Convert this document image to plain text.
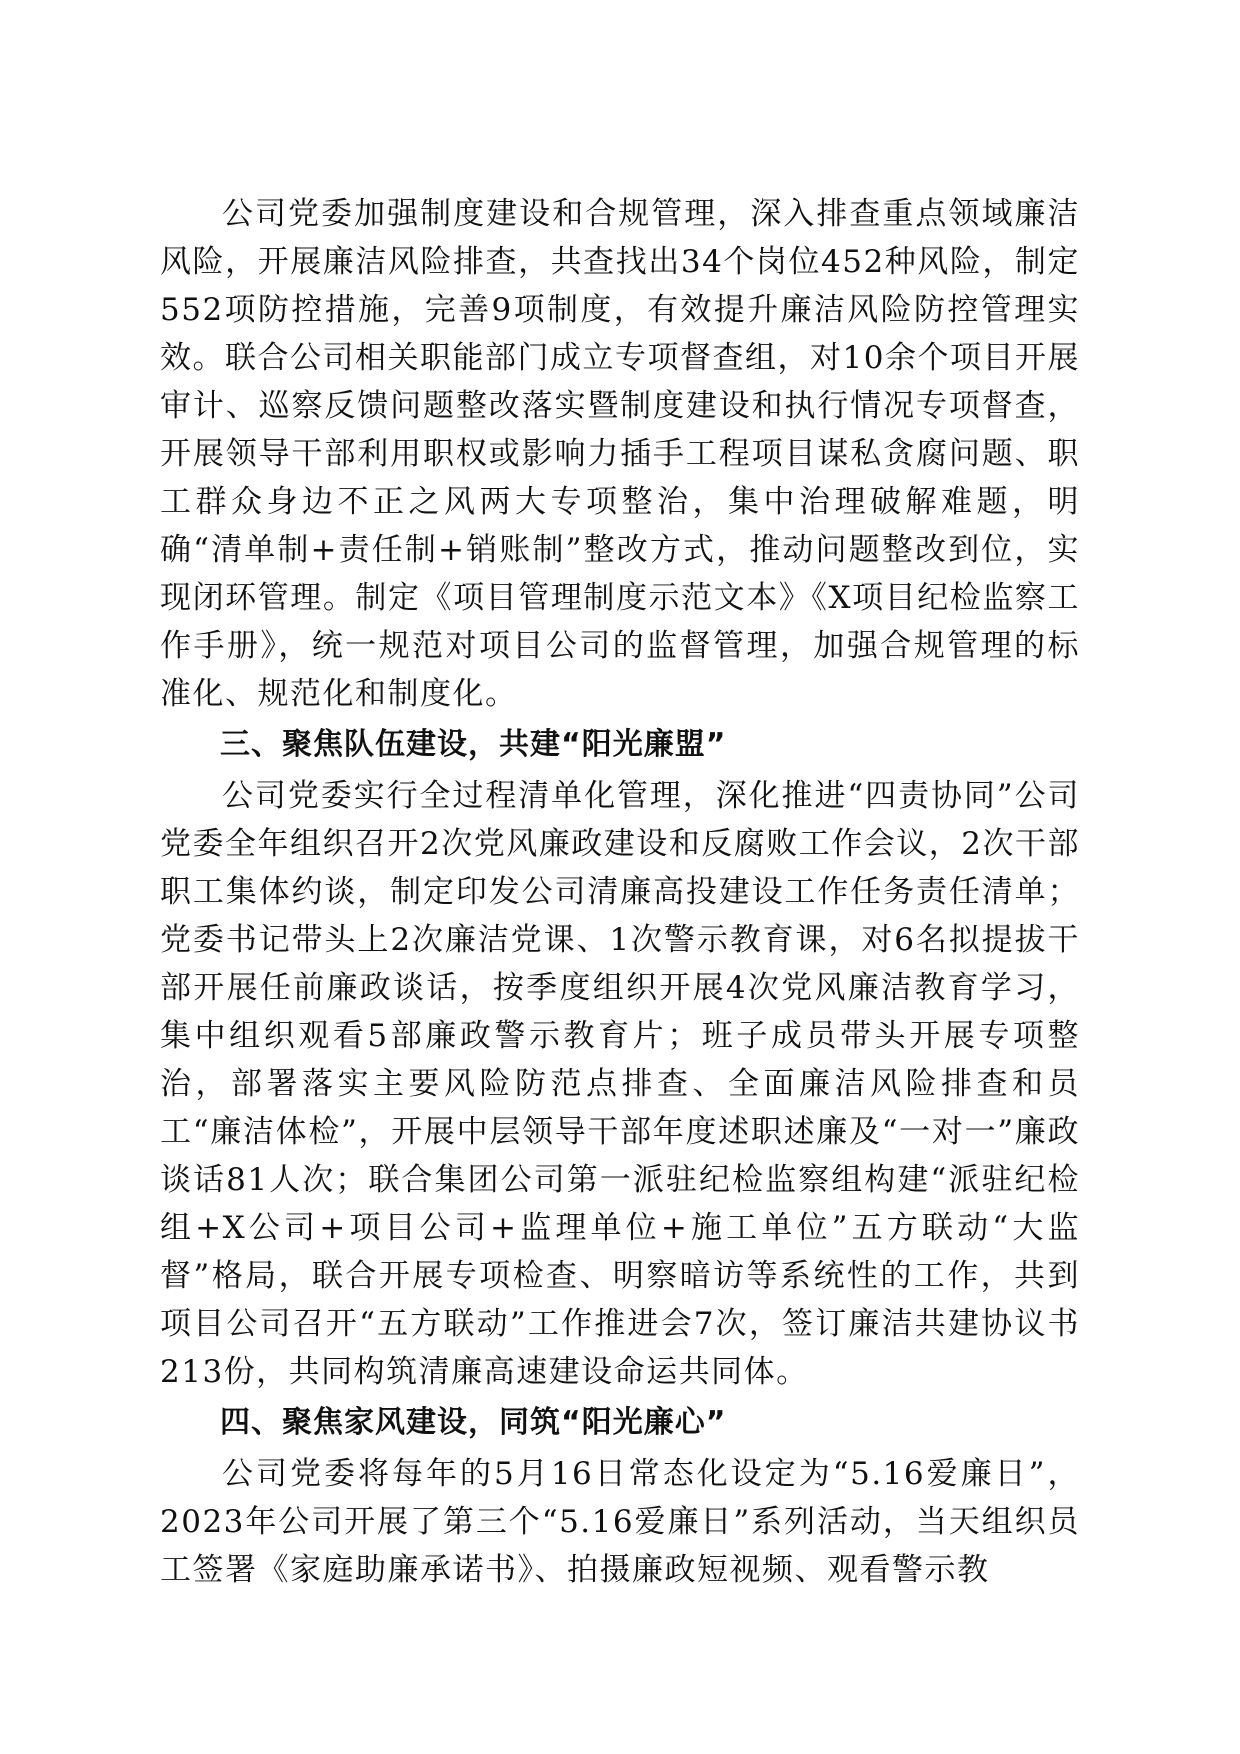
公司党委加强制度建设和合规管理，深入排查重点领域廉洁风险，开展廉洁风险排查，共查找出34个岗位452种风险，制定552项防控措施，完善9项制度，有效提升廉洁风险防控管理实效。联合公司相关职能部门成立专项督查组，对10余个项目开展审计、巡察反馈问题整改落实暨制度建设和执行情况专项督查，开展领导干部利用职权或影响力插手工程项目谋私贪腐问题、职工群众身边不正之风两大专项整治，集中治理破解难题，明确“清单制+责任制+销账制”整改方式，推动问题整改到位，实现闭环管理。制定《项目管理制度示范文本》《X项目纪检监察工作手册》，统一规范对项目公司的监督管理，加强合规管理的标准化、规范化和制度化。

三、聚焦队伍建设，共建“阳光廉盟”

公司党委实行全过程清单化管理，深化推进“四责协同”公司党委全年组织召开2次党风廉政建设和反腐败工作会议，2次干部职工集体约谈，制定印发公司清廉高投建设工作任务责任清单；党委书记带头上2次廉洁党课、1次警示教育课，对6名拟提拔干部开展任前廉政谈话，按季度组织开展4次党风廉洁教育学习，集中组织观看5部廉政警示教育片；班子成员带头开展专项整治，部署落实主要风险防范点排查、全面廉洁风险排查和员工“廉洁体检”，开展中层领导干部年度述职述廉及“一对一”廉政谈话81人次；联合集团公司第一派驻纪检监察组构建“派驻纪检组+X公司+项目公司+监理单位+施工单位”五方联动“大监督”格局，联合开展专项检查、明察暗访等系统性的工作，共到项目公司召开“五方联动”工作推进会7次，签订廉洁共建协议书213份，共同构筑清廉高速建设命运共同体。

四、聚焦家风建设，同筑“阳光廉心”

公司党委将每年的5月16日常态化设定为“5.16爱廉日”，2023年公司开展了第三个“5.16爱廉日”系列活动，当天组织员工签署《家庭助廉承诺书》、拍摄廉政短视频、观看警示教
